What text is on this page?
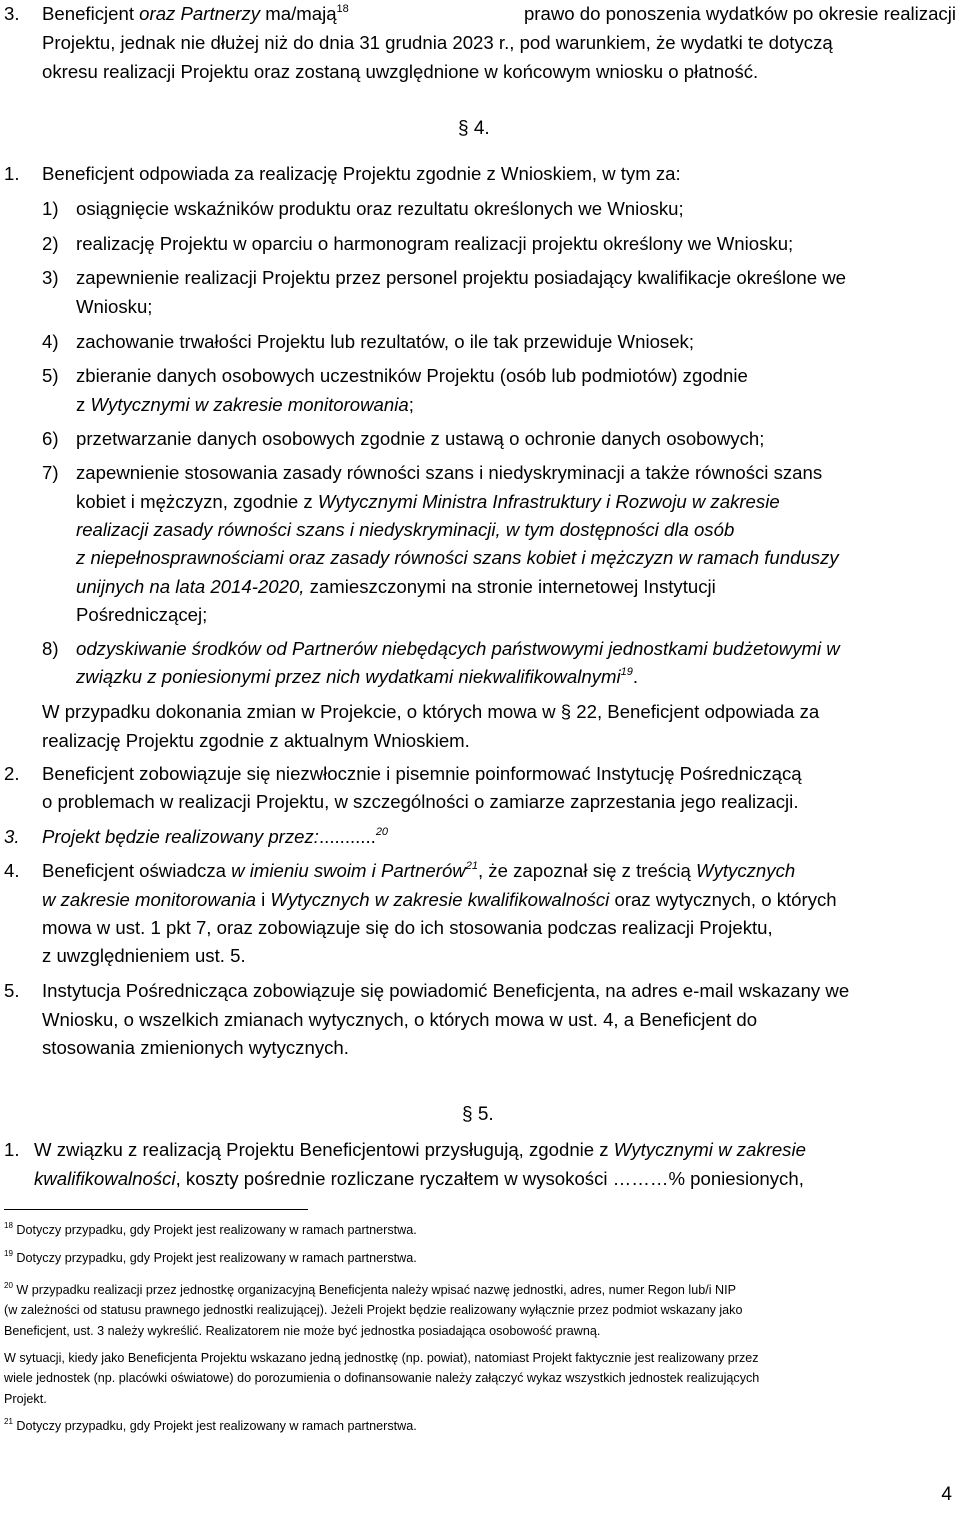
3. Beneficjent oraz Partnerzy ma/mają$^{18}$	prawo do ponoszenia wydatków po okresie realizacji
Projektu, jednak nie dłużej niż do dnia 31 grudnia 2023 r., pod warunkiem, że wydatki te dotyczą
okresu realizacji Projektu oraz zostaną uwzględnione w końcowym wniosku o płatność.
§ 4.
1. Beneficjent odpowiada za realizację Projektu zgodnie z Wnioskiem, w tym za:
1) osiągnięcie wskaźników produktu oraz rezultatu określonych we Wniosku;
2) realizację Projektu w oparciu o harmonogram realizacji projektu określony we Wniosku;
3) zapewnienie realizacji Projektu przez personel projektu posiadający kwalifikacje określone we
Wniosku;
4) zachowanie trwałości Projektu lub rezultatów, o ile tak przewiduje Wniosek;
5) zbieranie danych osobowych uczestników Projektu (osób lub podmiotów) zgodnie
z Wytycznymi w zakresie monitorowania;
6) przetwarzanie danych osobowych zgodnie z ustawą o ochronie danych osobowych;
7) zapewnienie stosowania zasady równości szans i niedyskryminacji a także równości szans
kobiet i mężczyzn, zgodnie z Wytycznymi Ministra Infrastruktury i Rozwoju w zakresie
realizacji zasady równości szans i niedyskryminacji, w tym dostępności dla osób
z niepełnosprawnościami oraz zasady równości szans kobiet i mężczyzn w ramach funduszy
unijnych na lata 2014-2020, zamieszczonymi na stronie internetowej Instytucji
Pośredniczącej;
8) odzyskiwanie środków od Partnerów niebędących państwowymi jednostkami budżetowymi w
związku z poniesionymi przez nich wydatkami niekwalifikowalnymi$^{19}$.
W przypadku dokonania zmian w Projekcie, o których mowa w § 22, Beneficjent odpowiada za
realizację Projektu zgodnie z aktualnym Wnioskiem.
2. Beneficjent zobowiązuje się niezwłocznie i pisemnie poinformować Instytucję Pośredniczącą
o problemach w realizacji Projektu, w szczególności o zamiarze zaprzestania jego realizacji.
3. Projekt będzie realizowany przez:...........$^{20}$
4. Beneficjent oświadcza w imieniu swoim i Partnerów$^{21}$, że zapoznał się z treścią Wytycznych
w zakresie monitorowania i Wytycznych w zakresie kwalifikowalności oraz wytycznych, o których
mowa w ust. 1 pkt 7, oraz zobowiązuje się do ich stosowania podczas realizacji Projektu,
z uwzględnieniem ust. 5.
5. Instytucja Pośrednicząca zobowiązuje się powiadomić Beneficjenta, na adres e-mail wskazany we
Wniosku, o wszelkich zmianach wytycznych, o których mowa w ust. 4, a Beneficjent do
stosowania zmienionych wytycznych.
§ 5.
1. W związku z realizacją Projektu Beneficjentowi przysługują, zgodnie z Wytycznymi w zakresie
kwalifikowalności, koszty pośrednie rozliczane ryczałtem w wysokości ………% poniesionych,
$^{18}$ Dotyczy przypadku, gdy Projekt jest realizowany w ramach partnerstwa.
$^{19}$ Dotyczy przypadku, gdy Projekt jest realizowany w ramach partnerstwa.
$^{20}$ W przypadku realizacji przez jednostkę organizacyjną Beneficjenta należy wpisać nazwę jednostki, adres, numer Regon lub/i NIP
(w zależności od statusu prawnego jednostki realizującej). Jeżeli Projekt będzie realizowany wyłącznie przez podmiot wskazany jako
Beneficjent, ust. 3 należy wykreślić. Realizatorem nie może być jednostka posiadająca osobowość prawną.
W sytuacji, kiedy jako Beneficjenta Projektu wskazano jedną jednostkę (np. powiat), natomiast Projekt faktycznie jest realizowany przez
wiele jednostek (np. placówki oświatowe) do porozumienia o dofinansowanie należy załączyć wykaz wszystkich jednostek realizujących
Projekt.
$^{21}$ Dotyczy przypadku, gdy Projekt jest realizowany w ramach partnerstwa.
4
